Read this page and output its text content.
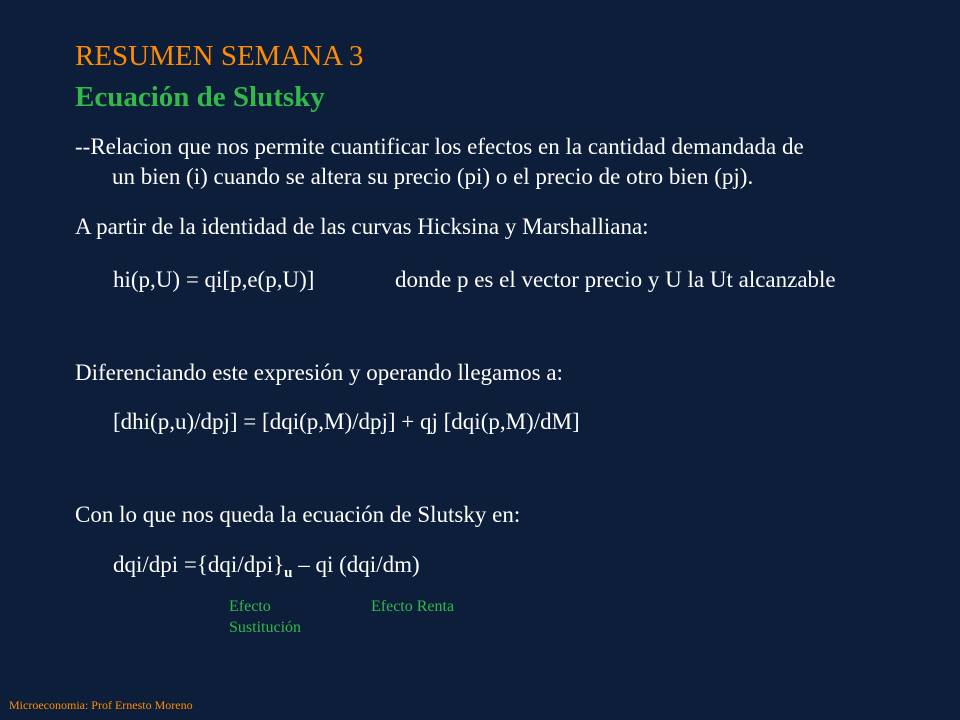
RESUMEN SEMANA 3
Ecuación de Slutsky
--Relacion que nos permite cuantificar los efectos en la cantidad demandada de
un bien (i) cuando se altera su precio (pi) o el precio de otro bien (pj).
A partir de la identidad de las curvas Hicksina y Marshalliana:
hi(p,U) = qi[p,e(p,U)]	donde p es el vector precio y U la Ut alcanzable
Diferenciando este expresión y operando llegamos a:
[dhi(p,u)/dpj] = [dqi(p,M)/dpj] + qj [dqi(p,M)/dM]
Con lo que nos queda la ecuación de Slutsky en:
$dqi/dpi =\{dqi/dpi\}_u$ – qi (dqi/dm)
Efecto
Sustitución
Efecto Renta
Microeconomia: Prof Ernesto Moreno
